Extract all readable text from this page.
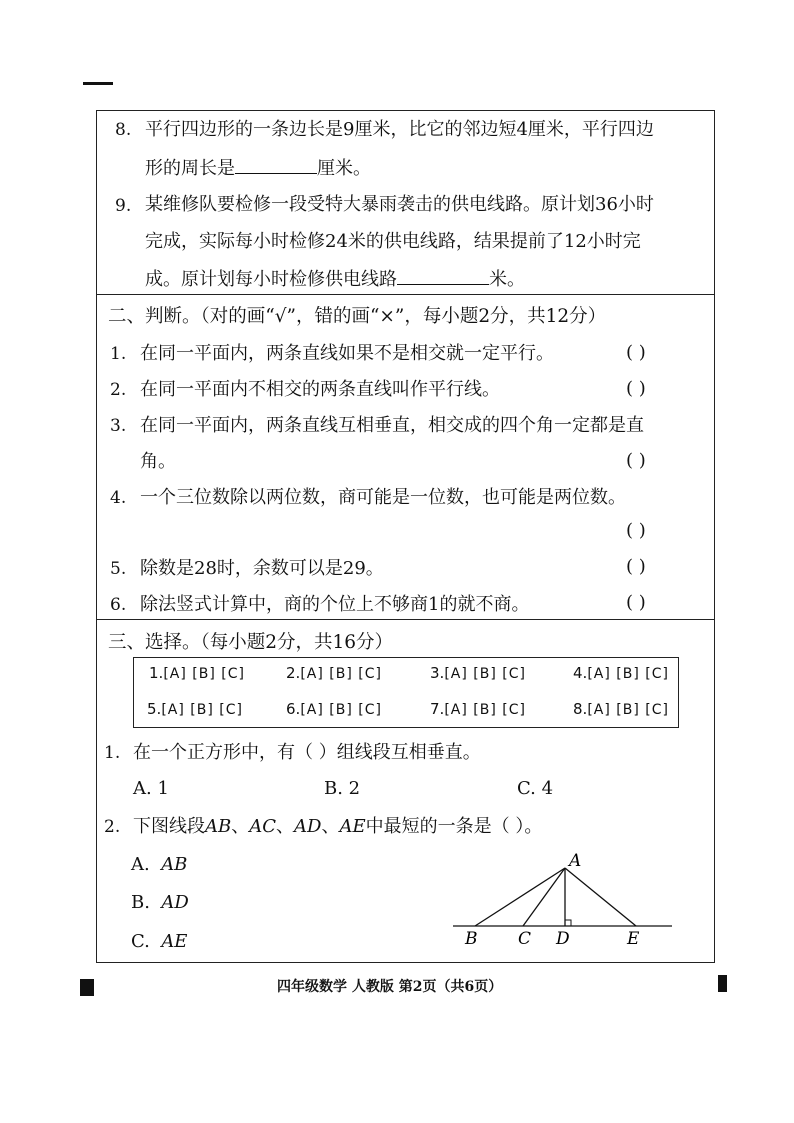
8. 平行四边形的一条边长是9厘米，比它的邻边短4厘米，平行四边
形的周长是	厘米。
9. 某维修队要检修一段受特大暴雨袭击的供电线路。原计划36小时
完成，实际每小时检修24米的供电线路，结果提前了12小时完
成。原计划每小时检修供电线路	米。
二、判断。（对的画“√”，错的画“×”，每小题2分，共12分）
1. 在同一平面内，两条直线如果不是相交就一定平行。	( )
2. 在同一平面内不相交的两条直线叫作平行线。	( )
3. 在同一平面内，两条直线互相垂直，相交成的四个角一定都是直
角。	( )
4. 一个三位数除以两位数，商可能是一位数，也可能是两位数。
( )
5. 除数是28时，余数可以是29。	( )
6. 除法竖式计算中，商的个位上不够商1的就不商。	( )
三、选择。（每小题2分，共16分）
1.[A] [B] [C]	2.[A] [B] [C]	3.[A] [B] [C]	4.[A] [B] [C]
5.[A] [B] [C]	6.[A] [B] [C]	7.[A] [B] [C]	8.[A] [B] [C]
1. 在一个正方形中，有（ ）组线段互相垂直。
A. 1	B. 2	C. 4
2. 下图线段AB、AC、AD、AE中最短的一条是（ ）。
A. AB
B. AD
C. AE
A
B C D	E
四年级数学 人教版 第2页（共6页）
